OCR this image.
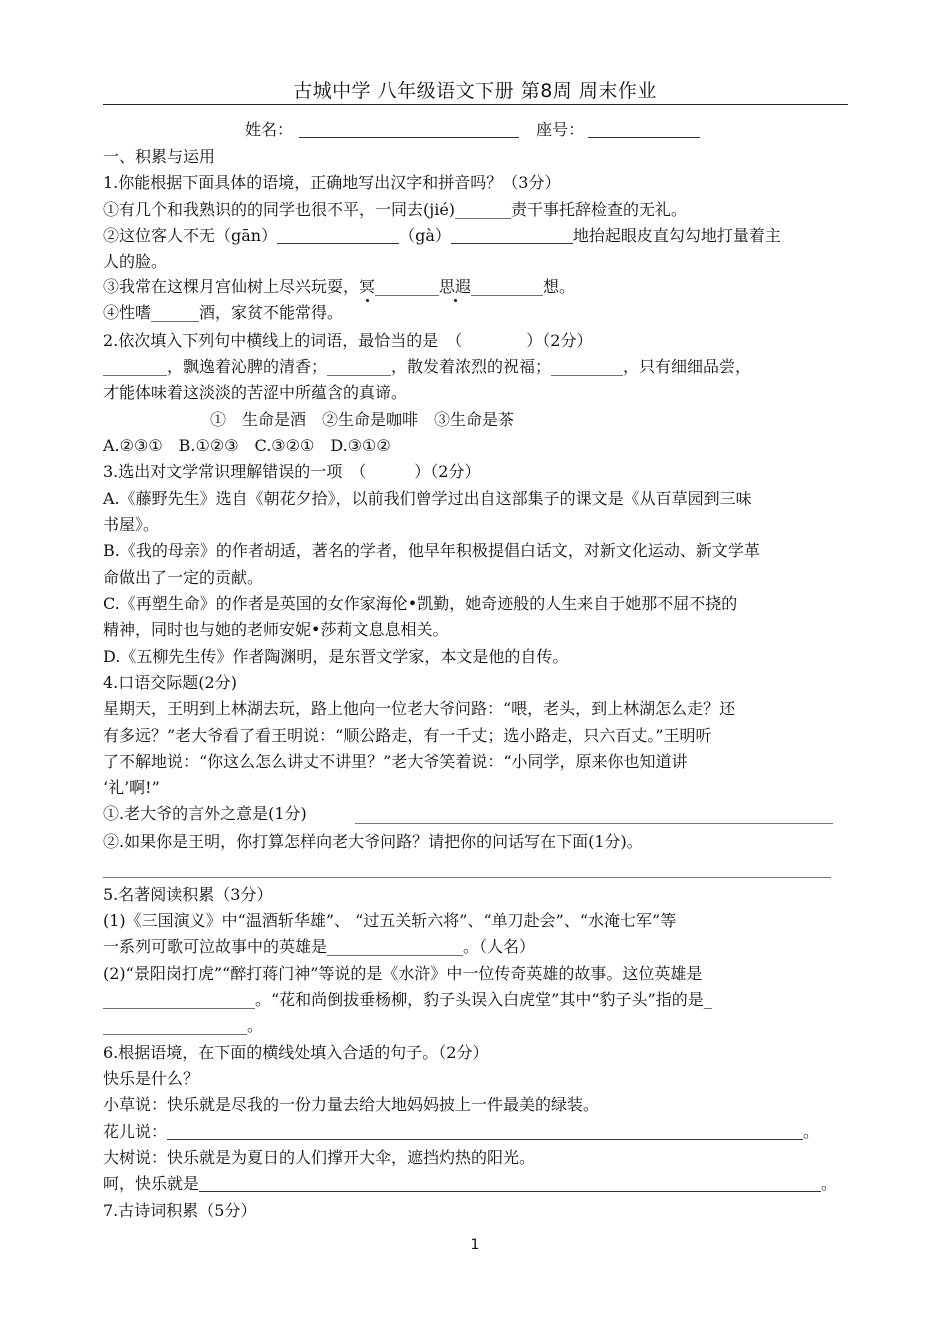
古城中学 八年级语文下册 第8周 周末作业
姓名：	座号：
一、积累与运用
1.你能根据下面具体的语境，正确地写出汉字和拼音吗？（3分）
①有几个和我熟识的的同学也很不平，一同去(jié)_______责干事托辞检查的无礼。
②这位客人不无（gān）	（gà）	地抬起眼皮直勾勾地打量着主
人的脸。
③我常在这棵月宫仙树上尽兴玩耍，冥________思遐_________想。
④性嗜______酒，家贫不能常得。
2.依次填入下列句中横线上的词语，最恰当的是　（　　　　）（2分）
________，飘逸着沁脾的清香；________，散发着浓烈的祝福；_________，只有细细品尝，
才能体味着这淡淡的苦涩中所蕴含的真谛。
①　生命是酒　②生命是咖啡　③生命是茶
A.②③①　B.①②③　C.③②①　D.③①②
3.选出对文学常识理解错误的一项　（　　　）（2分）
A.《藤野先生》选自《朝花夕拾》，以前我们曾学过出自这部集子的课文是《从百草园到三味
书屋》。
B.《我的母亲》的作者胡适，著名的学者，他早年积极提倡白话文，对新文化运动、新文学革
命做出了一定的贡献。
C.《再塑生命》的作者是英国的女作家海伦•凯勤，她奇迹般的人生来自于她那不屈不挠的
精神，同时也与她的老师安妮•莎莉文息息相关。
D.《五柳先生传》作者陶渊明，是东晋文学家，本文是他的自传。
4.口语交际题(2分)
星期天，王明到上林湖去玩，路上他向一位老大爷问路：“喂，老头，到上林湖怎么走？还
有多远？”老大爷看了看王明说：“顺公路走，有一千丈；选小路走，只六百丈。”王明听
了不解地说：“你这么怎么讲丈不讲里？”老大爷笑着说：“小同学，原来你也知道讲
‘礼’啊!”
①.老大爷的言外之意是(1分)
②.如果你是王明，你打算怎样向老大爷问路？请把你的问话写在下面(1分)。
5.名著阅读积累（3分）
(1)《三国演义》中“温酒斩华雄”、 “过五关斩六将”、“单刀赴会”、“水淹七军”等
一系列可歌可泣故事中的英雄是_________________。（人名）
(2)“景阳岗打虎”“醉打蒋门神”等说的是《水浒》中一位传奇英雄的故事。这位英雄是
___________________。“花和尚倒拔垂杨柳，豹子头误入白虎堂”其中“豹子头”指的是_
__________________。
6.根据语境，在下面的横线处填入合适的句子。（2分）
快乐是什么？
小草说：快乐就是尽我的一份力量去给大地妈妈披上一件最美的绿装。
花儿说：	。
大树说：快乐就是为夏日的人们撑开大伞，遮挡灼热的阳光。
呵，快乐就是	。
7.古诗词积累（5分）
1
